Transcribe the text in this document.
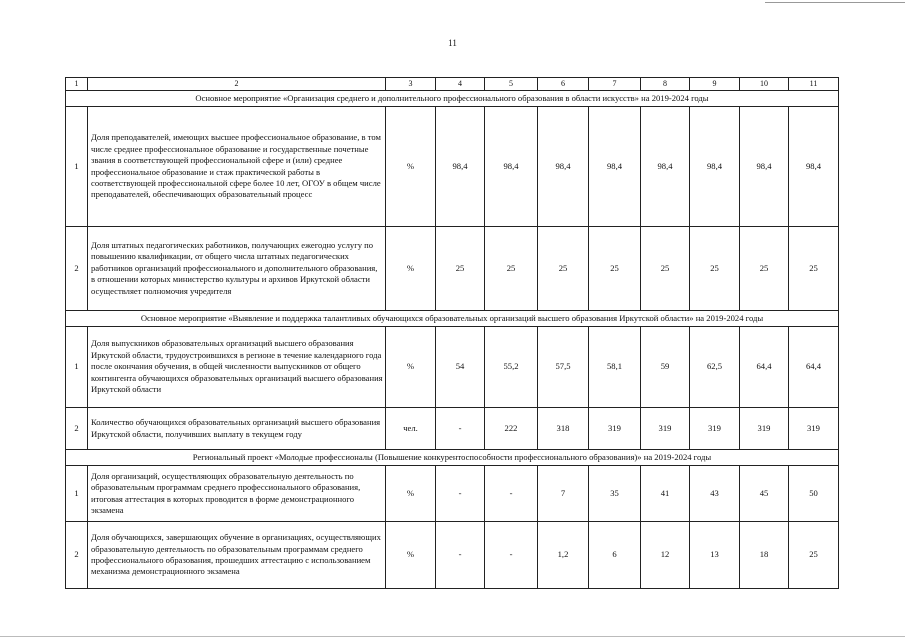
11
1	2	3	4	5	6	7	8	9	10	11
Основное мероприятие «Организация среднего и дополнительного профессионального образования в области искусств» на 2019-2024 годы										
1	Доля преподавателей, имеющих высшее профессиональное образование, в том числе среднее профессиональное образование и государственные почетные звания в соответствующей профессиональной сфере и (или) среднее профессиональное образование и стаж практической работы в соответствующей профессиональной сфере более 10 лет, ОГОУ в общем числе преподавателей, обеспечивающих образовательный процесс	%	98,4	98,4	98,4	98,4	98,4	98,4	98,4	98,4
2	Доля штатных педагогических работников, получающих ежегодно услугу по повышению квалификации, от общего числа штатных педагогических работников организаций профессионального и дополнительного образования, в отношении которых министерство культуры и архивов Иркутской области осуществляет полномочия учредителя	%	25	25	25	25	25	25	25	25
Основное мероприятие «Выявление и поддержка талантливых обучающихся образовательных организаций высшего образования Иркутской области» на 2019-2024 годы										
1	Доля выпускников образовательных организаций высшего образования Иркутской области, трудоустроившихся в регионе в течение календарного года после окончания обучения, в общей численности выпускников от общего контингента обучающихся образовательных организаций высшего образования Иркутской области	%	54	55,2	57,5	58,1	59	62,5	64,4	64,4
2	Количество обучающихся образовательных организаций высшего образования Иркутской области, получивших выплату в текущем году	чел.	-	222	318	319	319	319	319	319
Региональный проект «Молодые профессионалы (Повышение конкурентоспособности профессионального образования)» на 2019-2024 годы										
1	Доля организаций, осуществляющих образовательную деятельность по образовательным программам среднего профессионального образования, итоговая аттестация в которых проводится в форме демонстрационного экзамена	%	-	-	7	35	41	43	45	50
2	Доля обучающихся, завершающих обучение в организациях, осуществляющих образовательную деятельность по образовательным программам среднего профессионального образования, прошедших аттестацию с использованием механизма демонстрационного экзамена	%	-	-	1,2	6	12	13	18	25
